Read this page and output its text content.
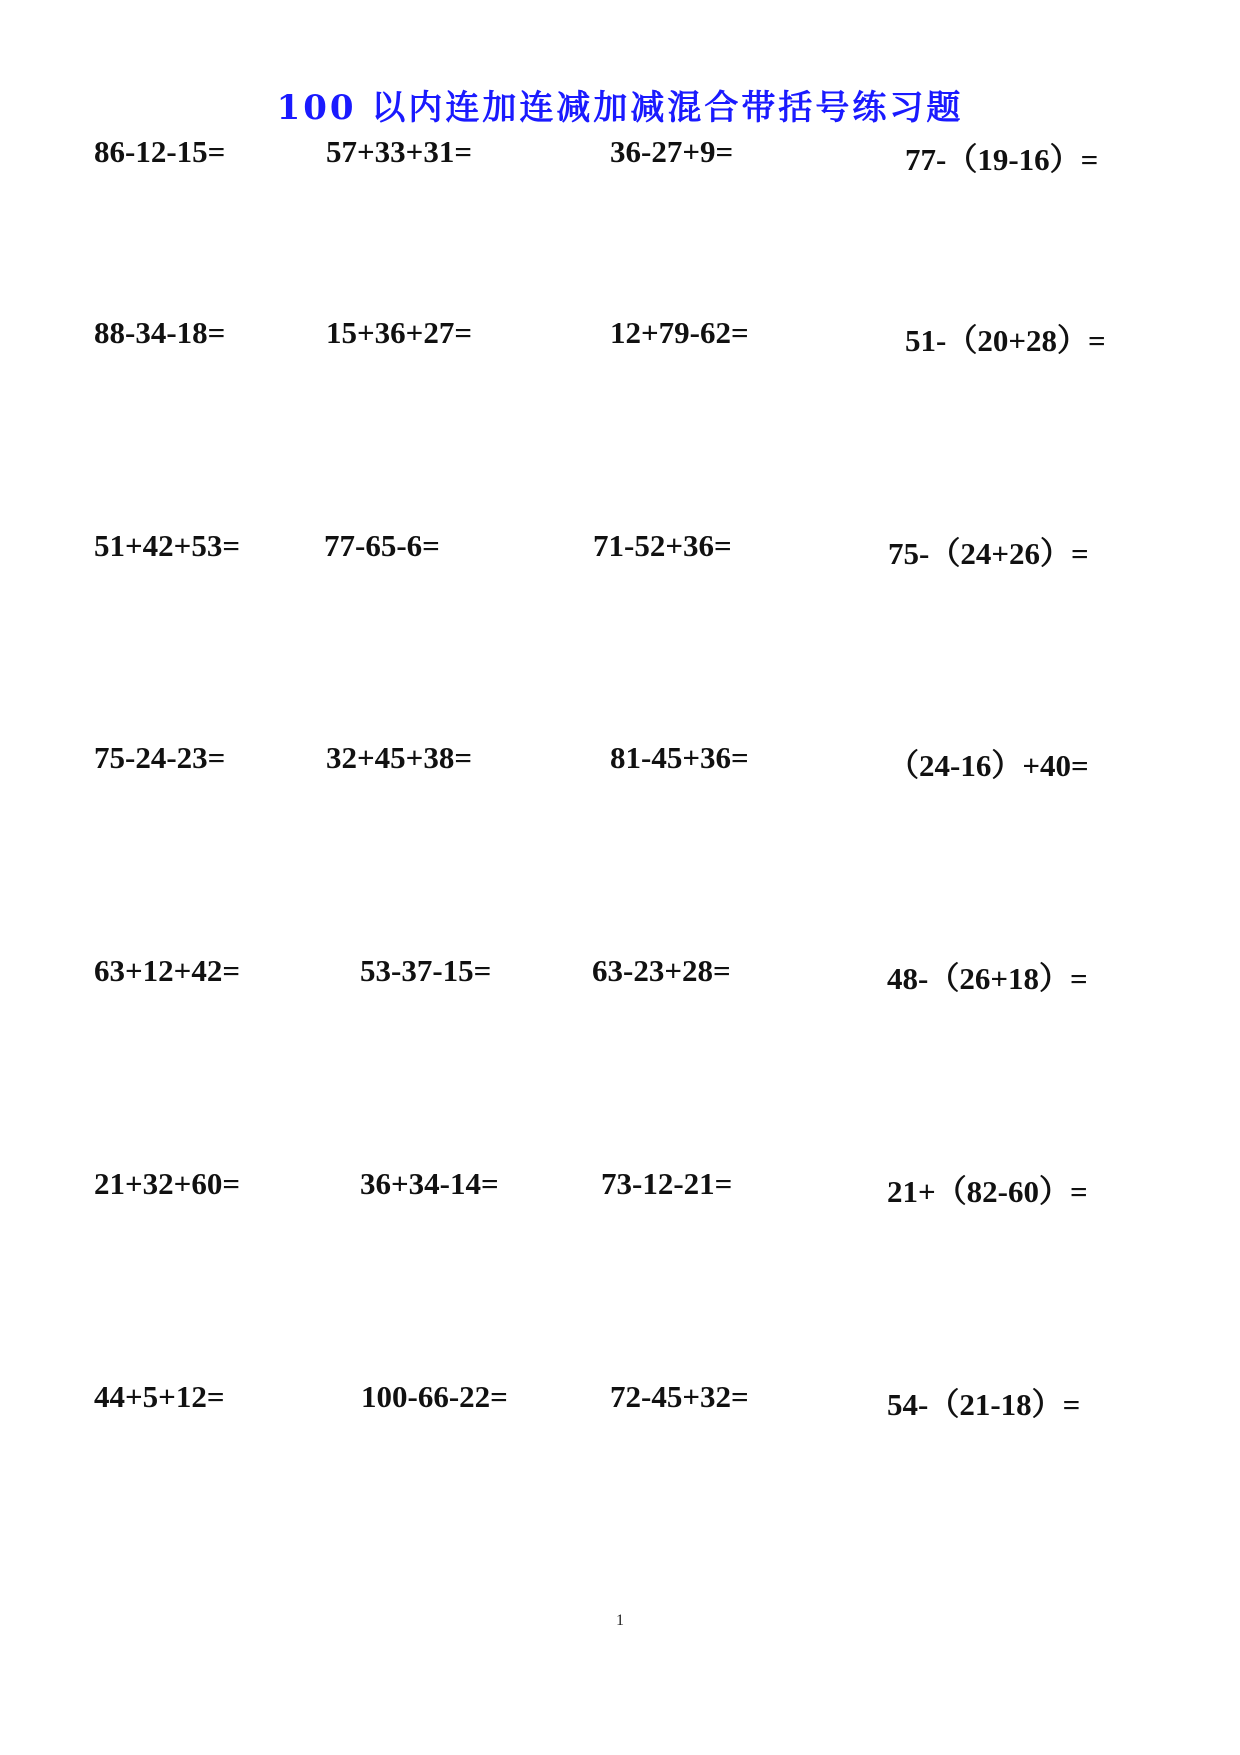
100 以内连加连减加减混合带括号练习题
86-12-15=	57+33+31=	36-27+9=	77-（19-16）=
88-34-18=	15+36+27=	12+79-62=	51-（20+28）=
51+42+53=	77-65-6=	71-52+36=	75-（24+26）=
75-24-23=	32+45+38=	81-45+36=	（24-16）+40=
63+12+42=	53-37-15=	63-23+28=	48-（26+18）=
21+32+60=	36+34-14=	73-12-21=	21+（82-60）=
44+5+12=	100-66-22=	72-45+32=	54-（21-18）=
1
